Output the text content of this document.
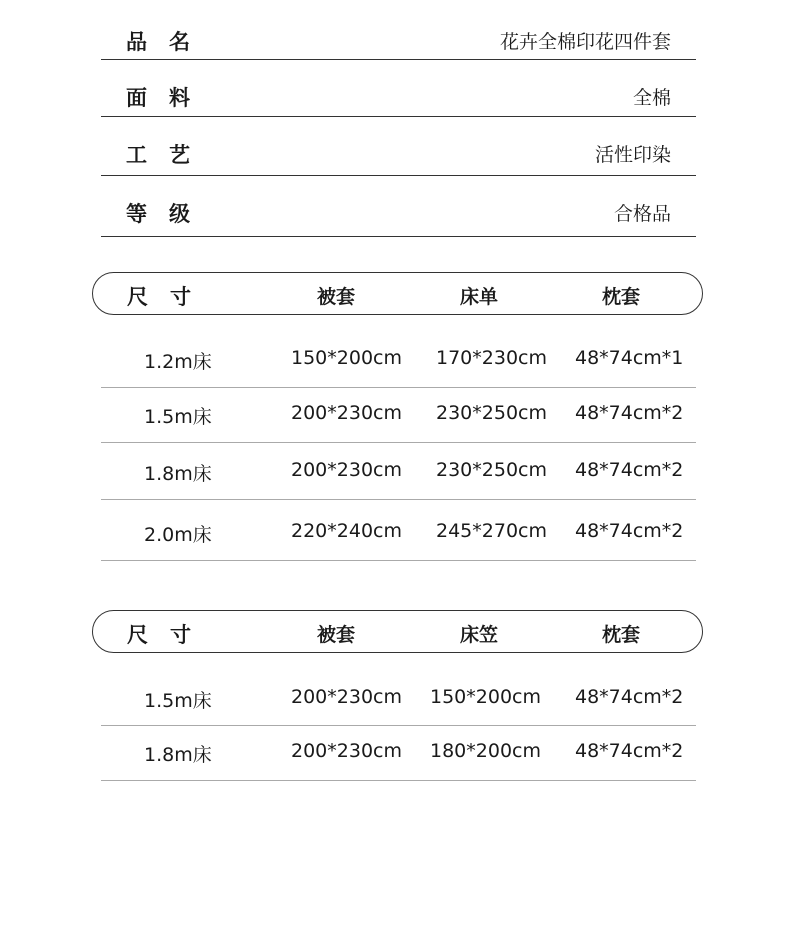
品名	花卉全棉印花四件套
面料	全棉
工艺	活性印染
等级	合格品
尺寸	被套	床单	枕套
1.2m床	150*200cm 170*230cm 48*74cm*1
1.5m床	200*230cm 230*250cm 48*74cm*2
1.8m床	200*230cm 230*250cm 48*74cm*2
2.0m床	220*240cm 245*270cm 48*74cm*2
尺寸	被套	床笠	枕套
1.5m床	200*230cm 150*200cm 48*74cm*2
1.8m床	200*230cm 180*200cm 48*74cm*2
